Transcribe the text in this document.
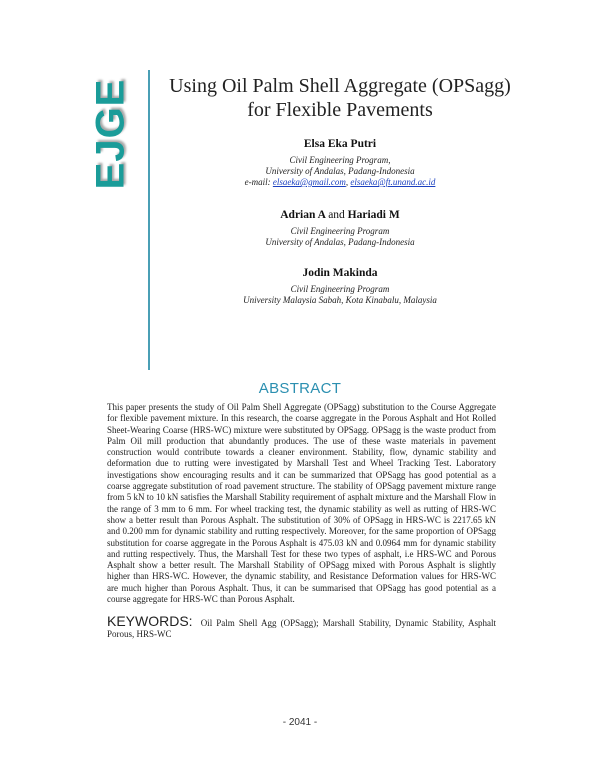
EJGE	Using Oil Palm Shell Aggregate (OPSagg) for Flexible Pavements
Elsa Eka Putri
Civil Engineering Program,
University of Andalas, Padang-Indonesia
e-mail: elsaeka@gmail.com, elsaeka@ft.unand.ac.id
Adrian A and Hariadi M
Civil Engineering Program
University of Andalas, Padang-Indonesia
Jodin Makinda
Civil Engineering Program
University Malaysia Sabah, Kota Kinabalu, Malaysia
ABSTRACT
This paper presents the study of Oil Palm Shell Aggregate (OPSagg) substitution to the Course Aggregate for flexible pavement mixture. In this research, the coarse aggregate in the Porous Asphalt and Hot Rolled Sheet-Wearing Coarse (HRS-WC) mixture were substituted by OPSagg. OPSagg is the waste product from Palm Oil mill production that abundantly produces. The use of these waste materials in pavement construction would contribute towards a cleaner environment. Stability, flow, dynamic stability and deformation due to rutting were investigated by Marshall Test and Wheel Tracking Test. Laboratory investigations show encouraging results and it can be summarized that OPSagg has good potential as a coarse aggregate substitution of road pavement structure. The stability of OPSagg pavement mixture range from 5 kN to 10 kN satisfies the Marshall Stability requirement of asphalt mixture and the Marshall Flow in the range of 3 mm to 6 mm. For wheel tracking test, the dynamic stability as well as rutting of HRS-WC show a better result than Porous Asphalt. The substitution of 30% of OPSagg in HRS-WC is 2217.65 kN and 0.200 mm for dynamic stability and rutting respectively. Moreover, for the same proportion of OPSagg substitution for coarse aggregate in the Porous Asphalt is 475.03 kN and 0.0964 mm for dynamic stability and rutting respectively. Thus, the Marshall Test for these two types of asphalt, i.e HRS-WC and Porous Asphalt show a better result. The Marshall Stability of OPSagg mixed with Porous Asphalt is slightly higher than HRS-WC. However, the dynamic stability, and Resistance Deformation values for HRS-WC are much higher than Porous Asphalt. Thus, it can be summarised that OPSagg has good potential as a course aggregate for HRS-WC than Porous Asphalt.
KEYWORDS: Oil Palm Shell Agg (OPSagg); Marshall Stability, Dynamic Stability, Asphalt Porous, HRS-WC
- 2041 -
